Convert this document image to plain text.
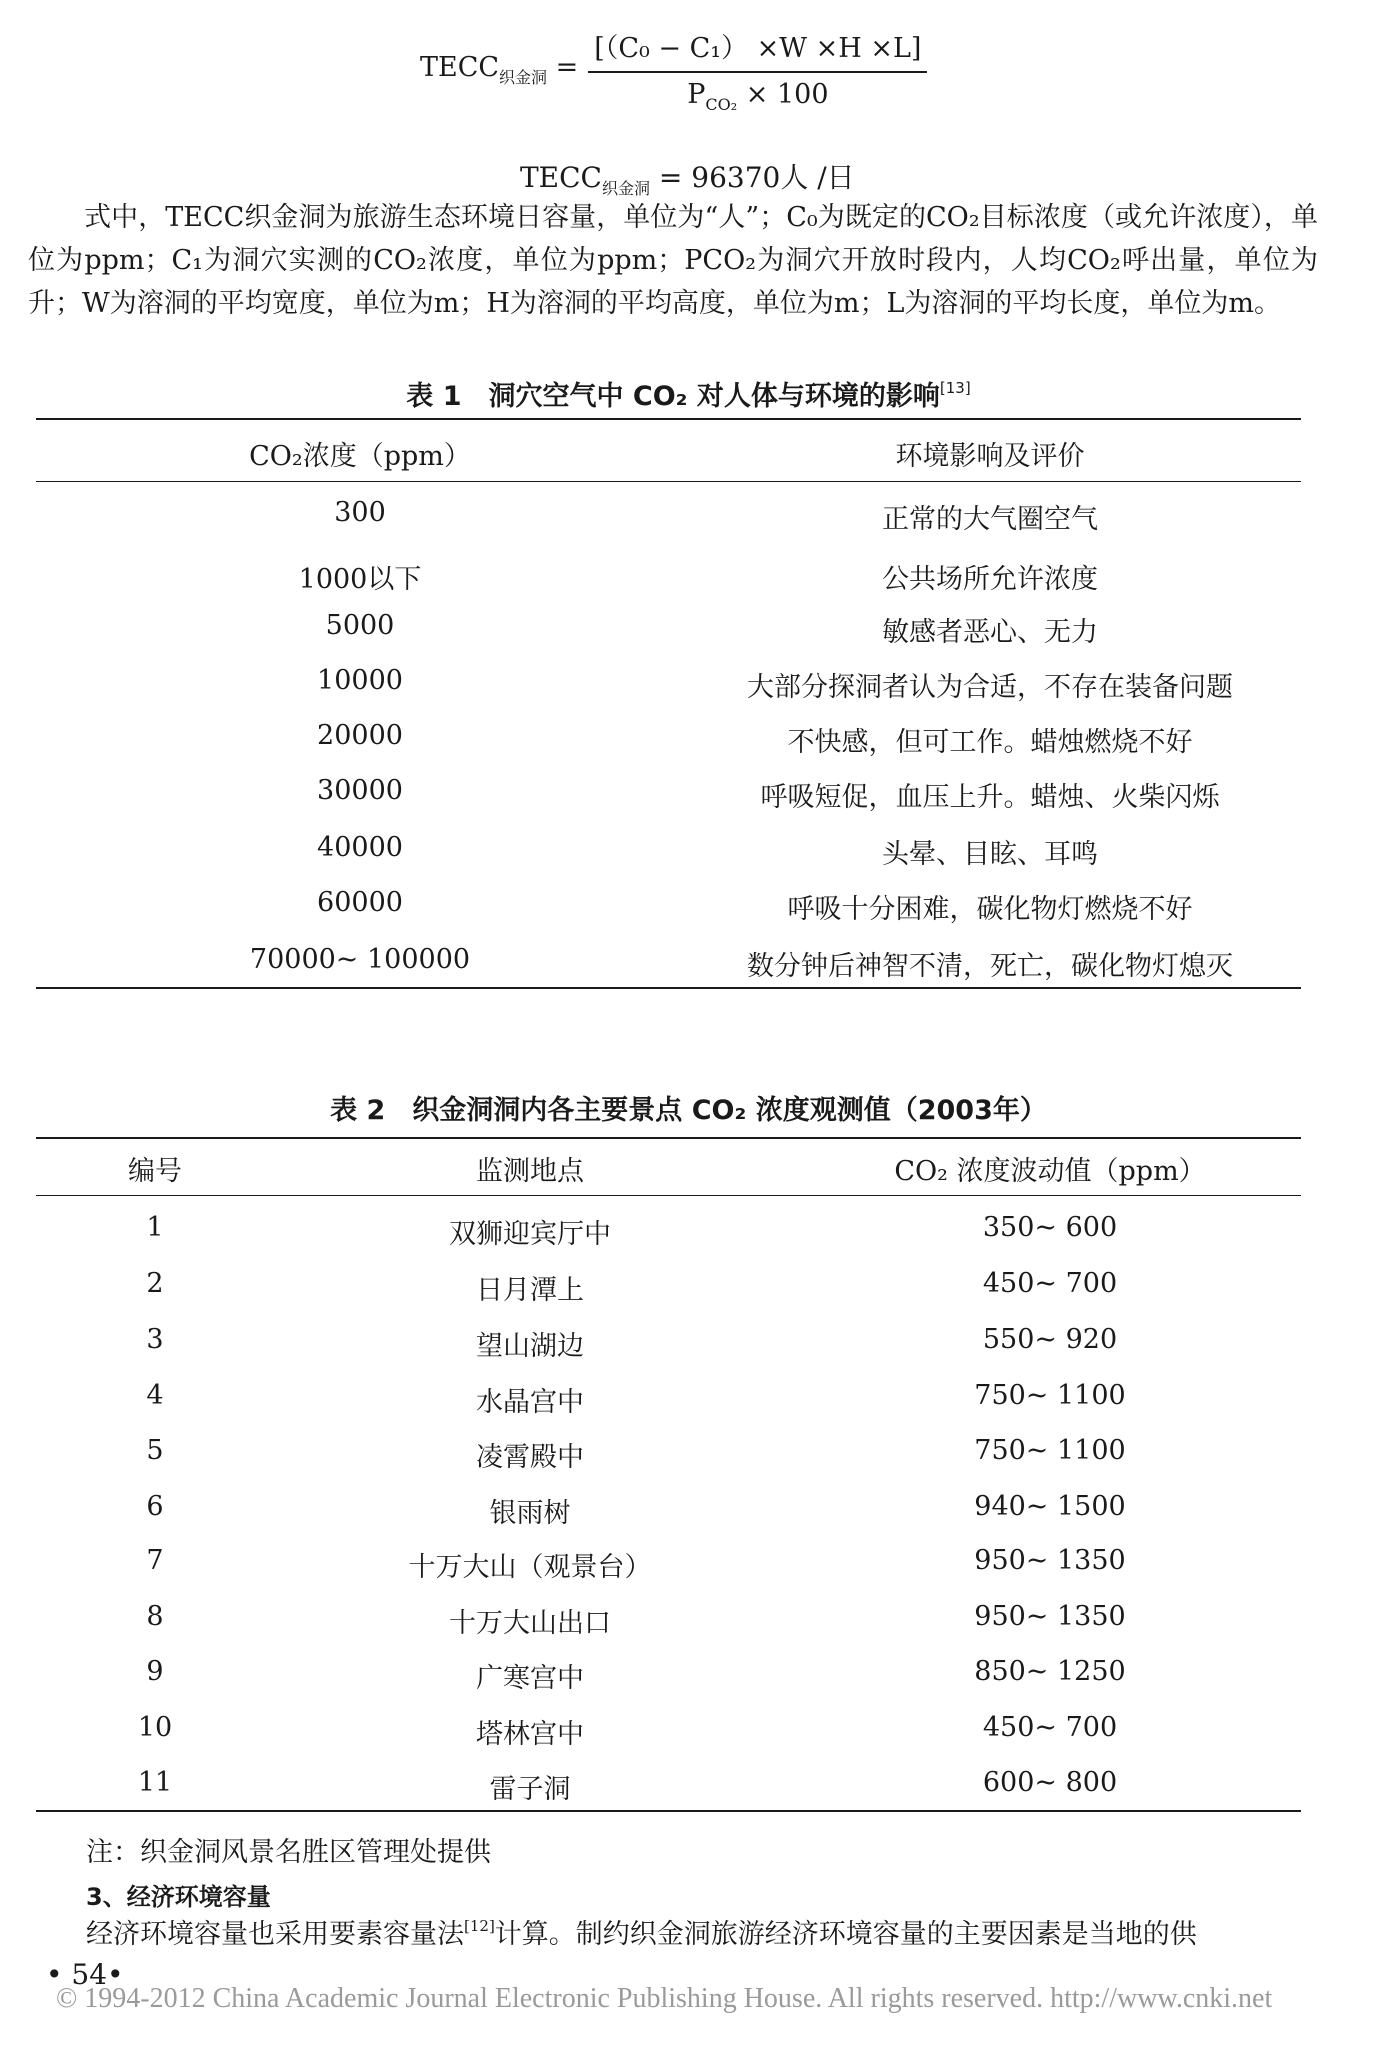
$TECC_{织金洞} = \frac{\text{[（C₀ − C₁） ×W ×H ×L]}}{P_{CO_2} \times 100}$
$TECC_{织金洞} = 96370$人 /日
式中，TECC织金洞为旅游生态环境日容量，单位为“人”；C₀为既定的CO₂目标浓度（或允许浓度），单位为ppm；C₁为洞穴实测的CO₂浓度，单位为ppm；PCO₂为洞穴开放时段内，人均CO₂呼出量，单位为升；W为溶洞的平均宽度，单位为m；H为溶洞的平均高度，单位为m；L为溶洞的平均长度，单位为m。
表 1　洞穴空气中 CO₂ 对人体与环境的影响[13]
CO₂浓度（ppm）	环境影响及评价
300	正常的大气圈空气
1000以下	公共场所允许浓度
5000	敏感者恶心、无力
10000	大部分探洞者认为合适，不存在装备问题
20000	不快感，但可工作。蜡烛燃烧不好
30000	呼吸短促，血压上升。蜡烛、火柴闪烁
40000	头晕、目眩、耳鸣
60000	呼吸十分困难，碳化物灯燃烧不好
70000~ 100000	数分钟后神智不清，死亡，碳化物灯熄灭
表 2　织金洞洞内各主要景点 CO₂ 浓度观测值（2003年）
编号	监测地点	CO₂ 浓度波动值（ppm）
1	双狮迎宾厅中	350~ 600
2	日月潭上	450~ 700
3	望山湖边	550~ 920
4	水晶宫中	750~ 1100
5	凌霄殿中	750~ 1100
6	银雨树	940~ 1500
7	十万大山（观景台）	950~ 1350
8	十万大山出口	950~ 1350
9	广寒宫中	850~ 1250
10	塔林宫中	450~ 700
11	雷子洞	600~ 800
注：织金洞风景名胜区管理处提供
3、经济环境容量
经济环境容量也采用要素容量法[12]计算。制约织金洞旅游经济环境容量的主要因素是当地的供
• 54•
© 1994-2012 China Academic Journal Electronic Publishing House. All rights reserved. http://www.cnki.net
